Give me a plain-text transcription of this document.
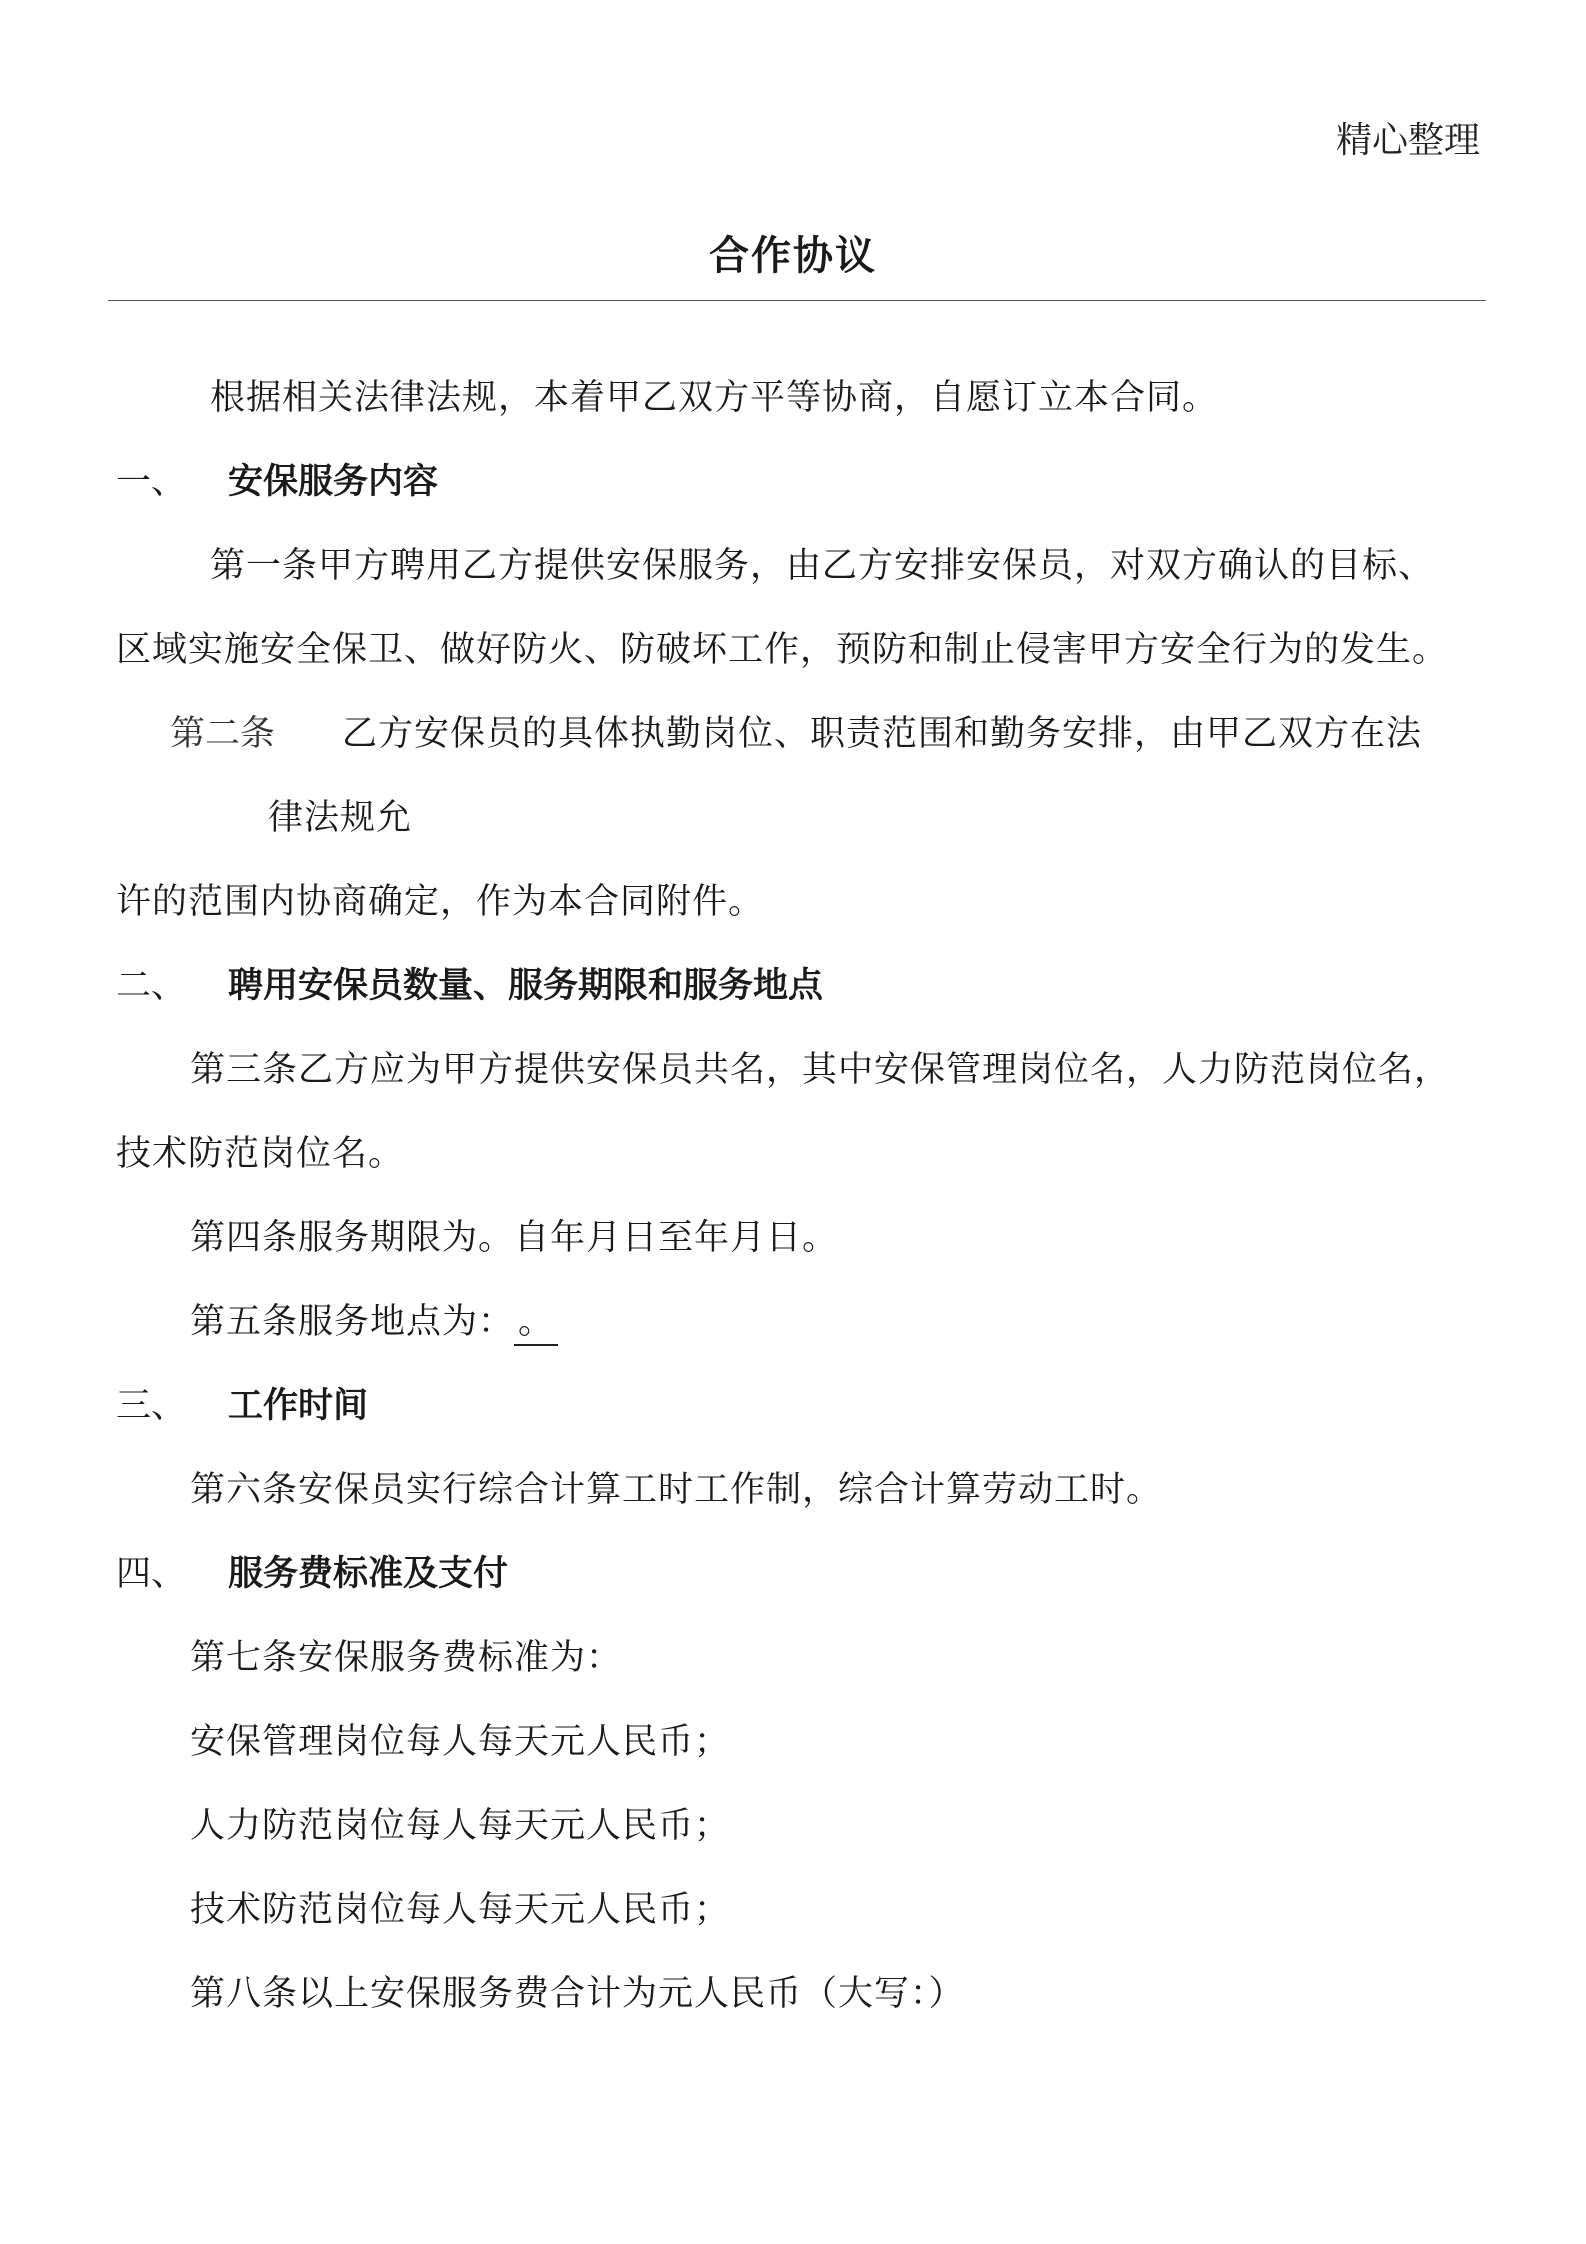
精心整理
合作协议
根据相关法律法规，本着甲乙双方平等协商，自愿订立本合同。
一、 安保服务内容
第一条甲方聘用乙方提供安保服务，由乙方安排安保员，对双方确认的目标、
区域实施安全保卫、做好防火、防破坏工作，预防和制止侵害甲方安全行为的发生。
第二条 乙方安保员的具体执勤岗位、职责范围和勤务安排，由甲乙双方在法
律法规允
许的范围内协商确定，作为本合同附件。
二、 聘用安保员数量、服务期限和服务地点
第三条乙方应为甲方提供安保员共名，其中安保管理岗位名，人力防范岗位名，
技术防范岗位名。
第四条服务期限为。自年月日至年月日。
第五条服务地点为： 。
三、 工作时间
第六条安保员实行综合计算工时工作制，综合计算劳动工时。
四、 服务费标准及支付
第七条安保服务费标准为：
安保管理岗位每人每天元人民币；
人力防范岗位每人每天元人民币；
技术防范岗位每人每天元人民币；
第八条以上安保服务费合计为元人民币（大写：）
